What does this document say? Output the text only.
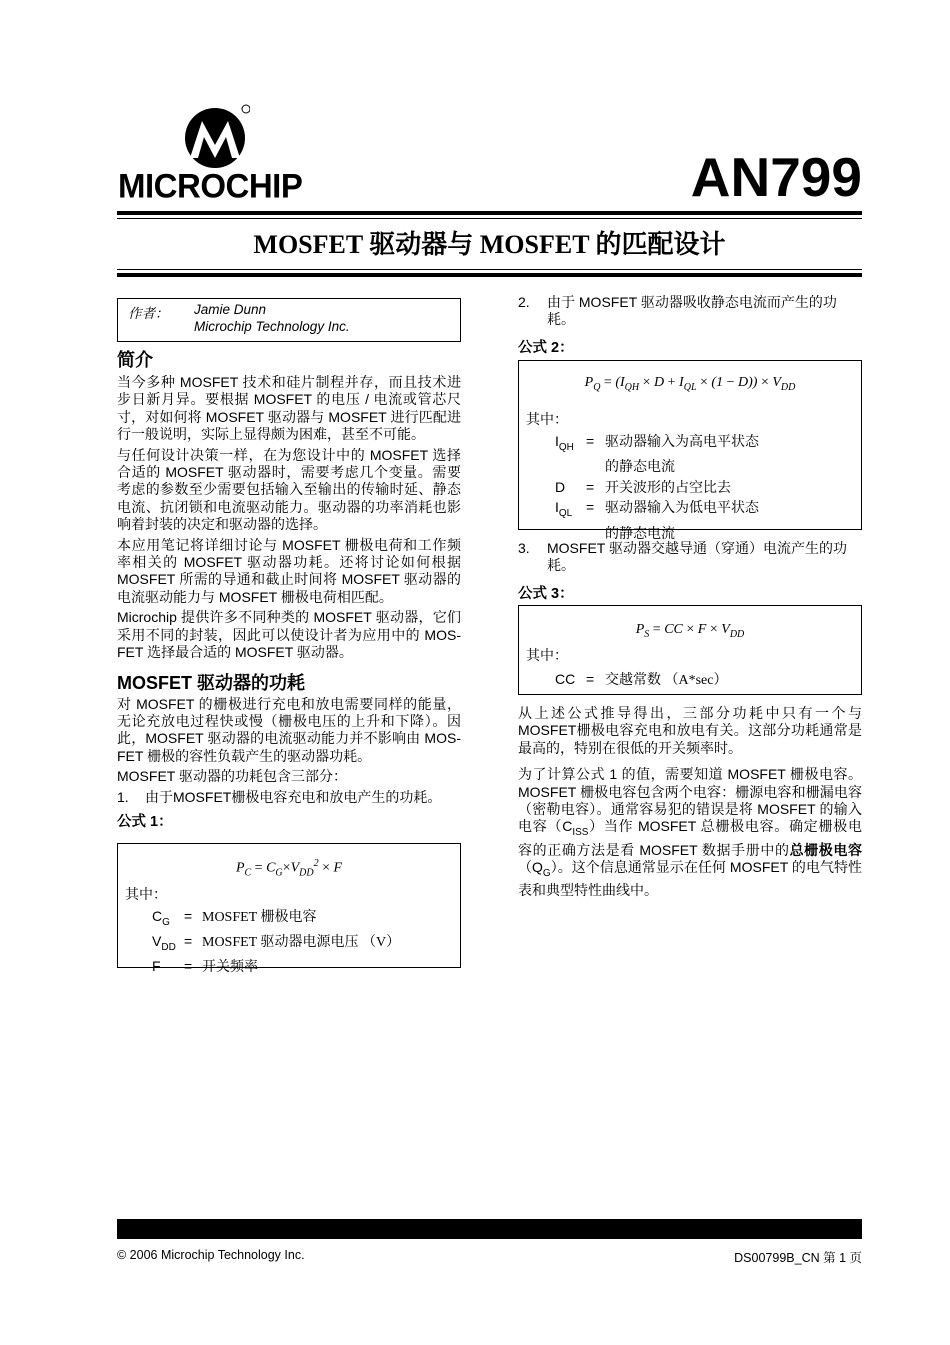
MICROCHIP	AN799
MOSFET 驱动器与 MOSFET 的匹配设计
作者： Jamie Dunn
Microchip Technology Inc.
简介

当今多种 MOSFET 技术和硅片制程并存，而且技术进步日新月异。要根据 MOSFET 的电压 / 电流或管芯尺寸，对如何将 MOSFET 驱动器与 MOSFET 进行匹配进行一般说明，实际上显得颇为困难，甚至不可能。

与任何设计决策一样，在为您设计中的 MOSFET 选择合适的 MOSFET 驱动器时，需要考虑几个变量。需要考虑的参数至少需要包括输入至输出的传输时延、静态电流、抗闭锁和电流驱动能力。驱动器的功率消耗也影响着封装的决定和驱动器的选择。

本应用笔记将详细讨论与 MOSFET 栅极电荷和工作频率相关的 MOSFET 驱动器功耗。还将讨论如何根据 MOSFET 所需的导通和截止时间将 MOSFET 驱动器的电流驱动能力与 MOSFET 栅极电荷相匹配。

Microchip 提供许多不同种类的 MOSFET 驱动器，它们采用不同的封装，因此可以使设计者为应用中的 MOS-FET 选择最合适的 MOSFET 驱动器。

MOSFET 驱动器的功耗

对 MOSFET 的栅极进行充电和放电需要同样的能量，无论充放电过程快或慢（栅极电压的上升和下降）。因此，MOSFET 驱动器的电流驱动能力并不影响由 MOS-FET 栅极的容性负载产生的驱动器功耗。

MOSFET 驱动器的功耗包含三部分：

1.	由于MOSFET栅极电容充电和放电产生的功耗。
公式 1：
$P_C = C_G\times V_{DD}^2 \times F$
其中：
$C_G$ = MOSFET 栅极电容
$V_{DD}$ = MOSFET 驱动器电源电压 （V）
F = 开关频率
2.	由于 MOSFET 驱动器吸收静态电流而产生的功耗。
公式 2：
$P_Q = (I_{QH} \times D + I_{QL} \times (1 - D)) \times V_{DD}$
其中：
$I_{QH}$ = 驱动器输入为高电平状态
的静态电流
D = 开关波形的占空比去
$I_{QL}$ = 驱动器输入为低电平状态
的静态电流
3.	MOSFET 驱动器交越导通（穿通）电流产生的功耗。
公式 3：
$P_S$ = CC × $F \times V_{DD}$
其中：
CC = 交越常数 （A*sec）

从上述公式推导得出，三部分功耗中只有一个与 MOSFET栅极电容充电和放电有关。这部分功耗通常是最高的，特别在很低的开关频率时。

为了计算公式 1 的值，需要知道 MOSFET 栅极电容。MOSFET 栅极电容包含两个电容：栅源电容和栅漏电容（密勒电容）。通常容易犯的错误是将 MOSFET 的输入电容$(C_{ISS})$当作 MOSFET 总栅极电容。确定栅极电容的正确方法是看 MOSFET 数据手册中的总栅极电容$(Q_G)$。这个信息通常显示在任何 MOSFET 的电气特性表和典型特性曲线中。

© 2006 Microchip Technology Inc.	DS00799B_CN 第 1 页
